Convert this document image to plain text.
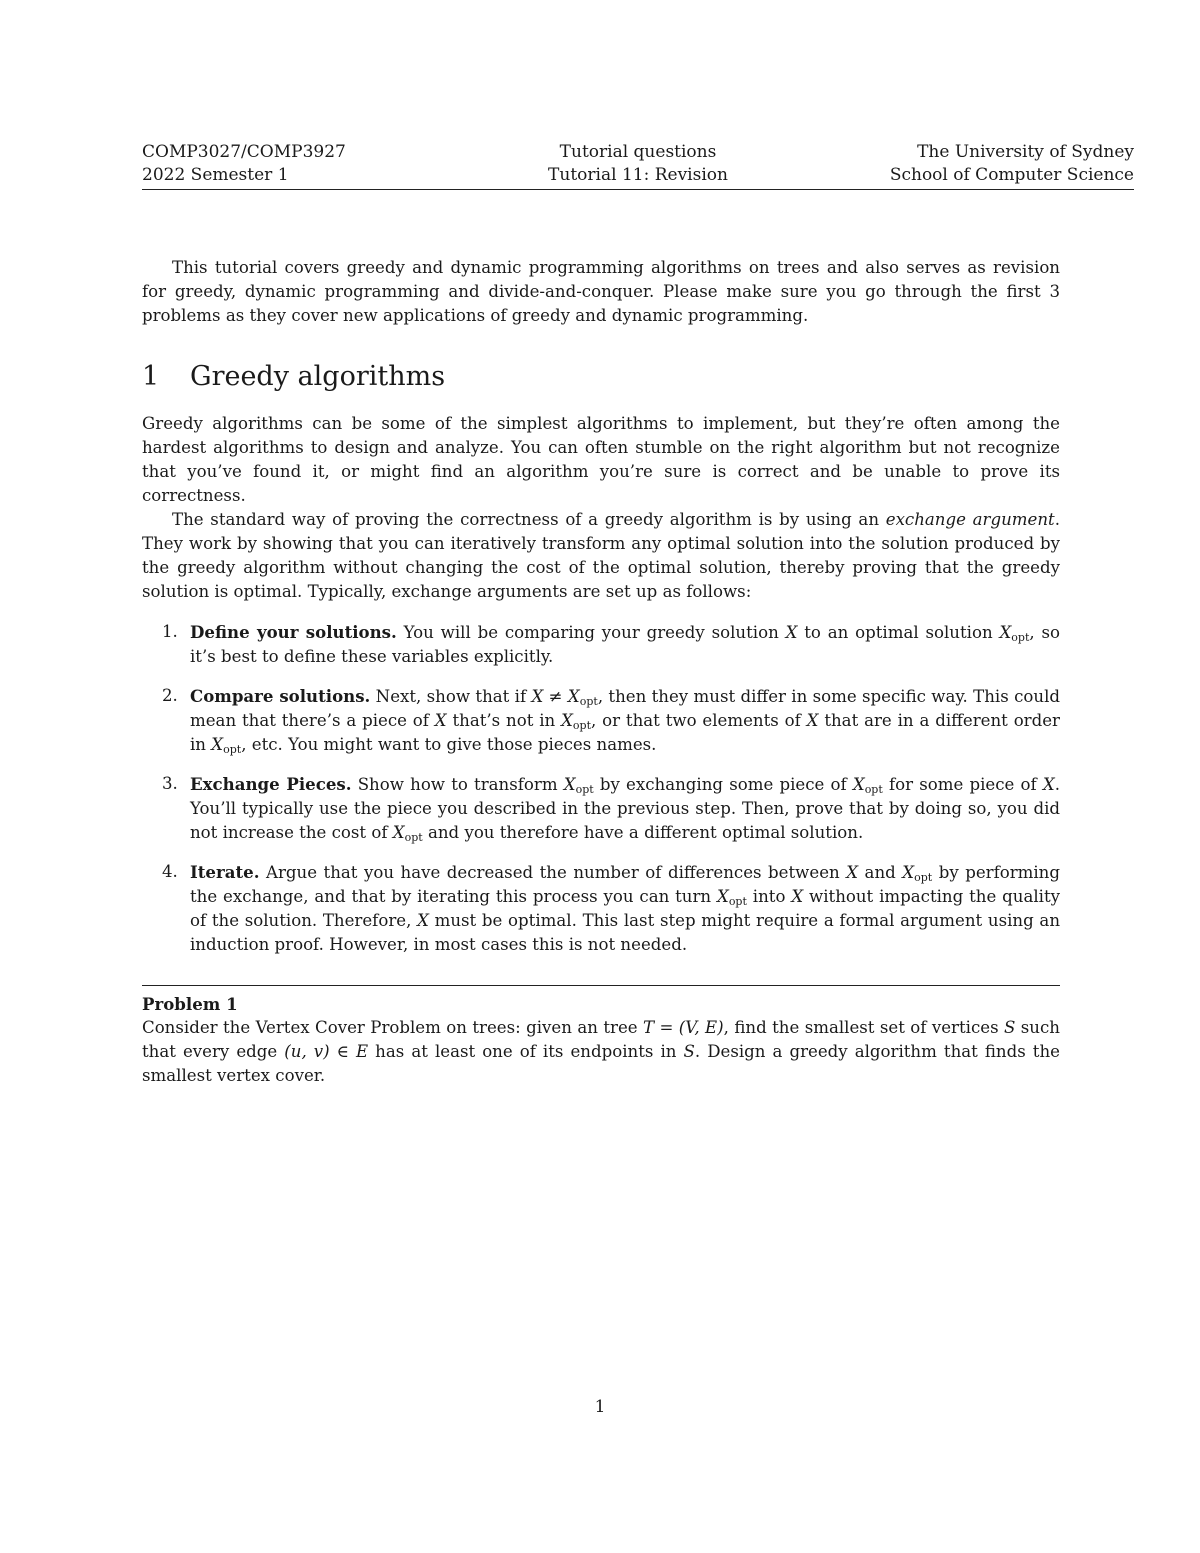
COMP3027/COMP3927	Tutorial questions	The University of Sydney
2022 Semester 1	Tutorial 11: Revision	School of Computer Science

This tutorial covers greedy and dynamic programming algorithms on trees and also serves as revision for greedy, dynamic programming and divide-and-conquer. Please make sure you go through the first 3 problems as they cover new applications of greedy and dynamic programming.

1 Greedy algorithms

Greedy algorithms can be some of the simplest algorithms to implement, but they’re often among the hardest algorithms to design and analyze. You can often stumble on the right algorithm but not recognize that you’ve found it, or might find an algorithm you’re sure is correct and be unable to prove its correctness.

The standard way of proving the correctness of a greedy algorithm is by using an exchange argument. They work by showing that you can iteratively transform any optimal solution into the solution produced by the greedy algorithm without changing the cost of the optimal solution, thereby proving that the greedy solution is optimal. Typically, exchange arguments are set up as follows:

1. Define your solutions. You will be comparing your greedy solution X to an optimal solution $X_{opt}$, so it’s best to define these variables explicitly.
2. Compare solutions. Next, show that if $X \ne X_{opt}$, then they must differ in some specific way. This could mean that there’s a piece of X that’s not in $X_{opt}$, or that two elements of X that are in a different order in $X_{opt}$, etc. You might want to give those pieces names.
3. Exchange Pieces. Show how to transform $X_{opt}$ by exchanging some piece of $X_{opt}$ for some piece of X. You’ll typically use the piece you described in the previous step. Then, prove that by doing so, you did not increase the cost of $X_{opt}$ and you therefore have a different optimal solution.
4. Iterate. Argue that you have decreased the number of differences between X and $X_{opt}$ by performing the exchange, and that by iterating this process you can turn $X_{opt}$ into X without impacting the quality of the solution. Therefore, X must be optimal. This last step might require a formal argument using an induction proof. However, in most cases this is not needed.
Problem 1

Consider the Vertex Cover Problem on trees: given an tree T = (V, E), find the smallest set of vertices S such that every edge (u, v) ∈ E has at least one of its endpoints in S. Design a greedy algorithm that finds the smallest vertex cover.

1
